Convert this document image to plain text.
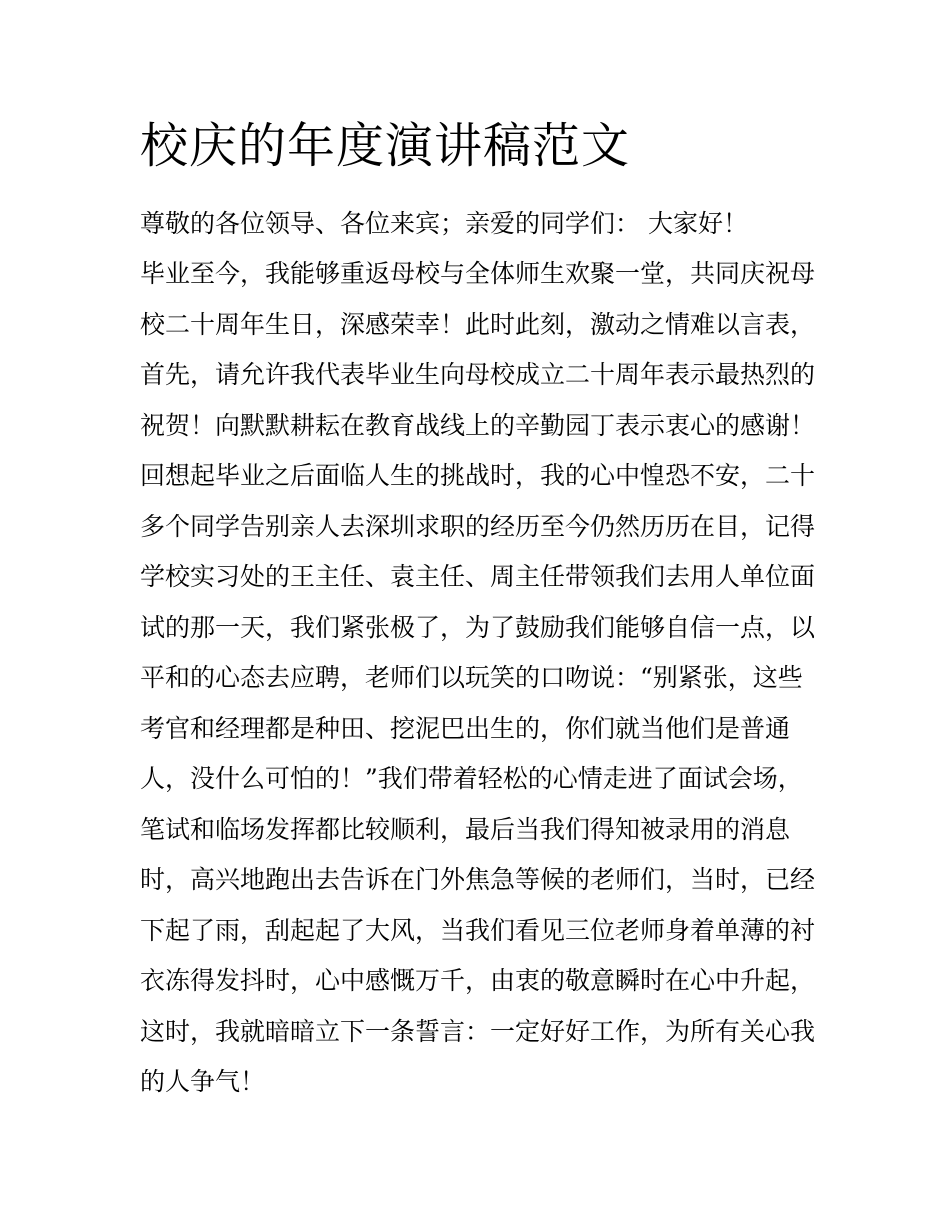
校庆的年度演讲稿范文
尊敬的各位领导、各位来宾；亲爱的同学们： 大家好！
毕业至今，我能够重返母校与全体师生欢聚一堂，共同庆祝母
校二十周年生日，深感荣幸！此时此刻，激动之情难以言表，
首先，请允许我代表毕业生向母校成立二十周年表示最热烈的
祝贺！向默默耕耘在教育战线上的辛勤园丁表示衷心的感谢！
回想起毕业之后面临人生的挑战时，我的心中惶恐不安，二十
多个同学告别亲人去深圳求职的经历至今仍然历历在目，记得
学校实习处的王主任、袁主任、周主任带领我们去用人单位面
试的那一天，我们紧张极了，为了鼓励我们能够自信一点，以
平和的心态去应聘，老师们以玩笑的口吻说：“别紧张，这些
考官和经理都是种田、挖泥巴出生的，你们就当他们是普通
人，没什么可怕的！”我们带着轻松的心情走进了面试会场，
笔试和临场发挥都比较顺利，最后当我们得知被录用的消息
时，高兴地跑出去告诉在门外焦急等候的老师们，当时，已经
下起了雨，刮起起了大风，当我们看见三位老师身着单薄的衬
衣冻得发抖时，心中感慨万千，由衷的敬意瞬时在心中升起，
这时，我就暗暗立下一条誓言：一定好好工作，为所有关心我
的人争气！
